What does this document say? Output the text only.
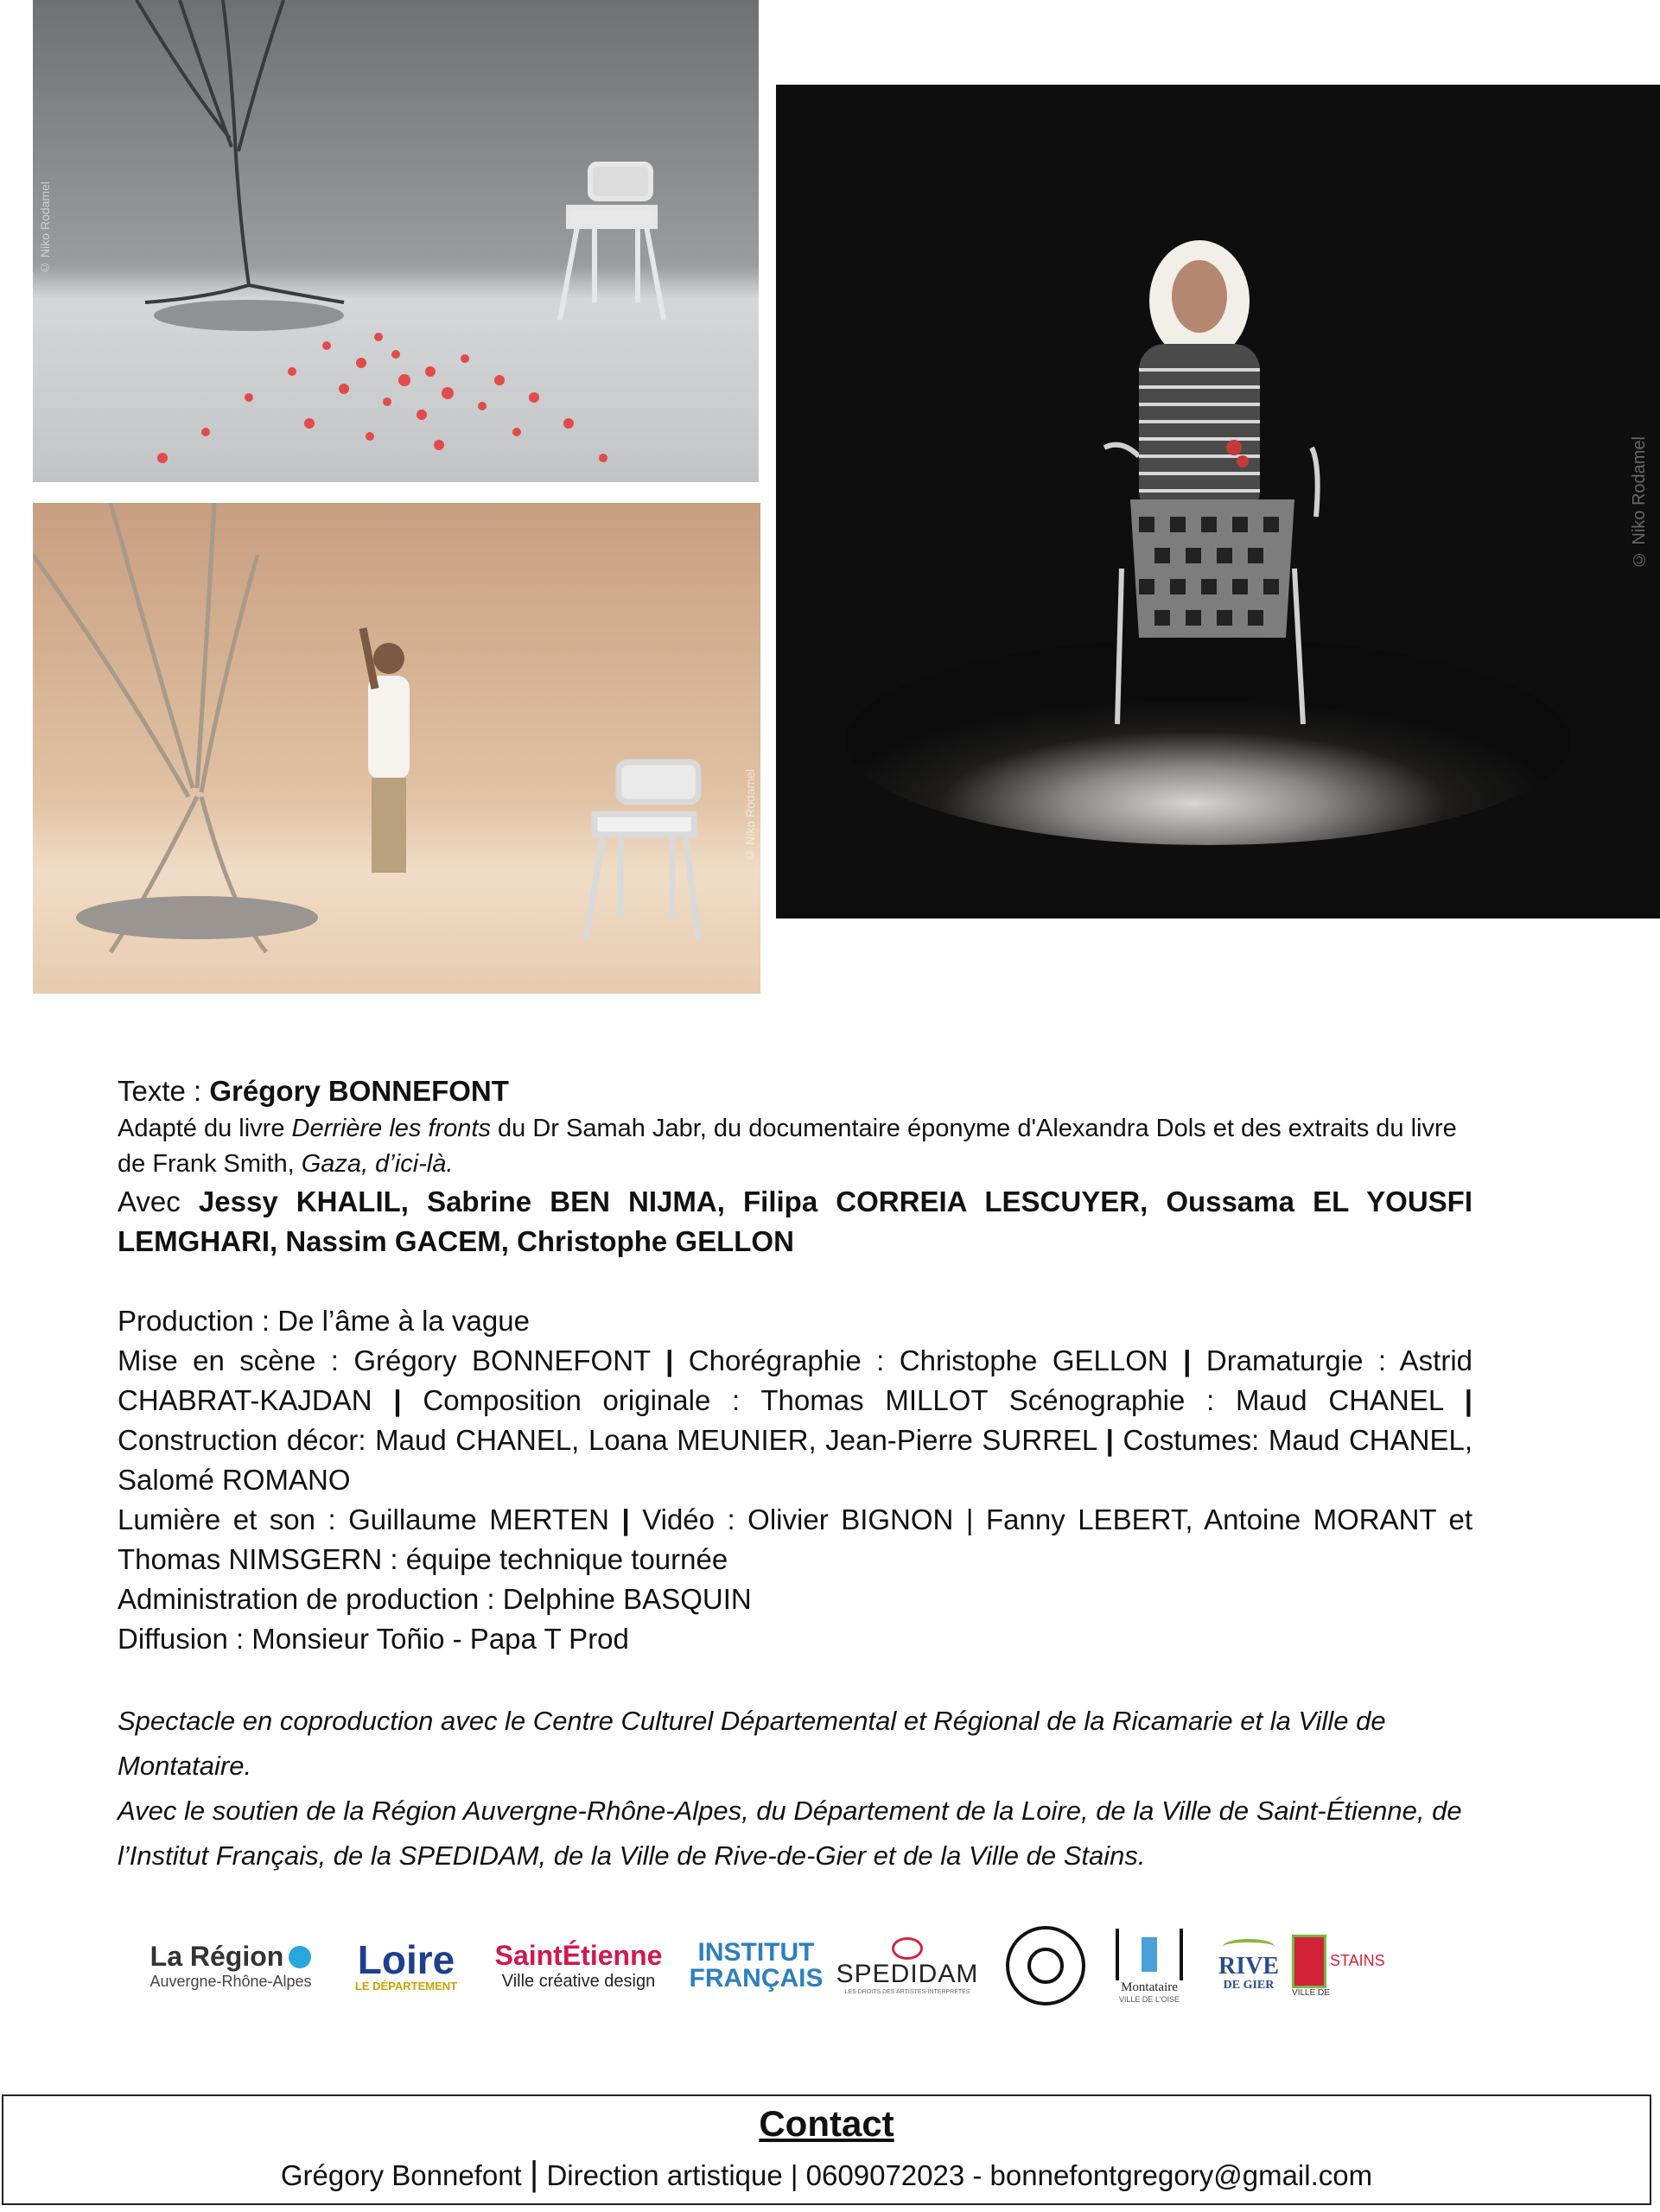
© Niko Rodamel
© Niko Rodamel
© Niko Rodamel
Texte : Grégory BONNEFONT
Adapté du livre Derrière les fronts du Dr Samah Jabr, du documentaire éponyme d'Alexandra Dols et des extraits du livre de Frank Smith, Gaza, d’ici-là.
Avec Jessy KHALIL, Sabrine BEN NIJMA, Filipa CORREIA LESCUYER, Oussama EL YOUSFI LEMGHARI, Nassim GACEM, Christophe GELLON
Production : De l’âme à la vague
Mise en scène : Grégory BONNEFONT | Chorégraphie : Christophe GELLON | Dramaturgie : Astrid CHABRAT-KAJDAN | Composition originale : Thomas MILLOT Scénographie : Maud CHANEL | Construction décor: Maud CHANEL, Loana MEUNIER, Jean-Pierre SURREL | Costumes: Maud CHANEL, Salomé ROMANO
Lumière et son : Guillaume MERTEN | Vidéo : Olivier BIGNON | Fanny LEBERT, Antoine MORANT et Thomas NIMSGERN : équipe technique tournée
Administration de production : Delphine BASQUIN
Diffusion : Monsieur Toñio - Papa T Prod
Spectacle en coproduction avec le Centre Culturel Départemental et Régional de la Ricamarie et la Ville de Montataire.
Avec le soutien de la Région Auvergne-Rhône-Alpes, du Département de la Loire, de la Ville de Saint-Étienne, de l’Institut Français, de la SPEDIDAM, de la Ville de Rive-de-Gier et de la Ville de Stains.
La Région
Auvergne-Rhône-Alpes Loire
LE DÉPARTEMENT
SaintÉtienne
Ville créative design
INSTITUT
FRANÇAIS SPEDIDAM
LES DROITS DES ARTISTES-INTERPRÈTES	Montataire
VILLE DE L'OISE
RIVE
DE GIER
STAINS
VILLE DE
Contact
Grégory Bonnefont | Direction artistique | 0609072023 - bonnefontgregory@gmail.com
